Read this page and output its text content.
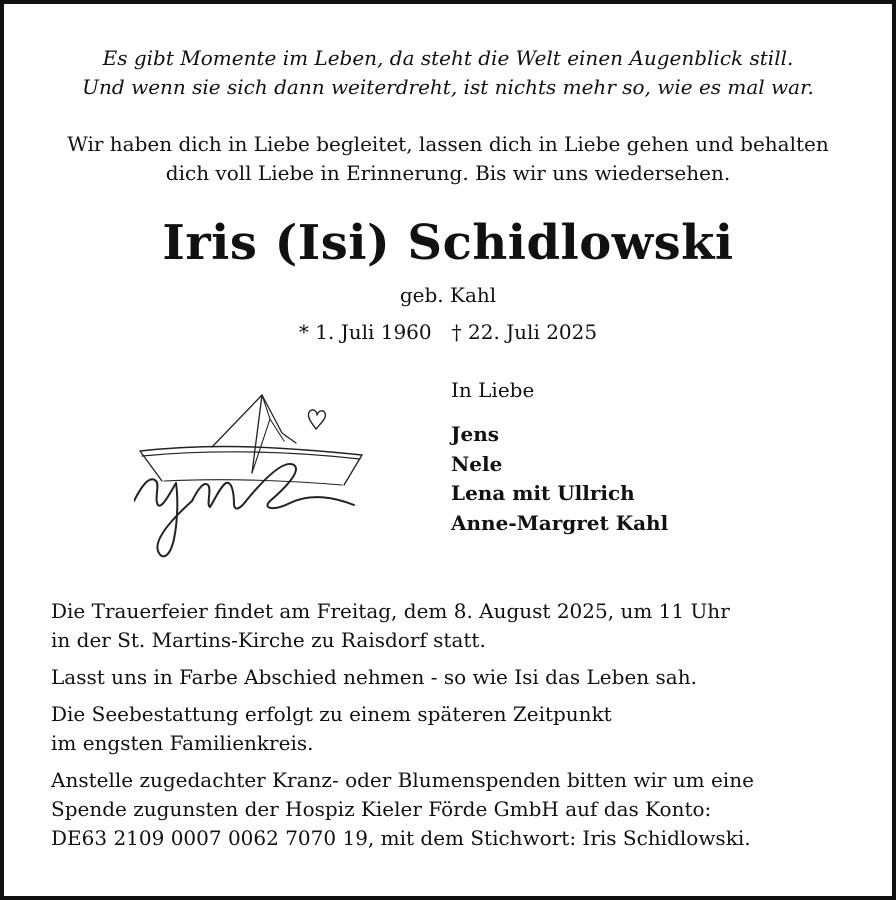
Es gibt Momente im Leben, da steht die Welt einen Augenblick still.
Und wenn sie sich dann weiterdreht, ist nichts mehr so, wie es mal war.
Wir haben dich in Liebe begleitet, lassen dich in Liebe gehen und behalten
dich voll Liebe in Erinnerung. Bis wir uns wiedersehen.
Iris (Isi) Schidlowski
geb. Kahl
* 1. Juli 1960 † 22. Juli 2025
In Liebe
Jens
Nele
Lena mit Ullrich
Anne-Margret Kahl
Die Trauerfeier findet am Freitag, dem 8. August 2025, um 11 Uhr
in der St. Martins-Kirche zu Raisdorf statt.
Lasst uns in Farbe Abschied nehmen - so wie Isi das Leben sah.
Die Seebestattung erfolgt zu einem späteren Zeitpunkt
im engsten Familienkreis.
Anstelle zugedachter Kranz- oder Blumenspenden bitten wir um eine
Spende zugunsten der Hospiz Kieler Förde GmbH auf das Konto:
DE63 2109 0007 0062 7070 19, mit dem Stichwort: Iris Schidlowski.
